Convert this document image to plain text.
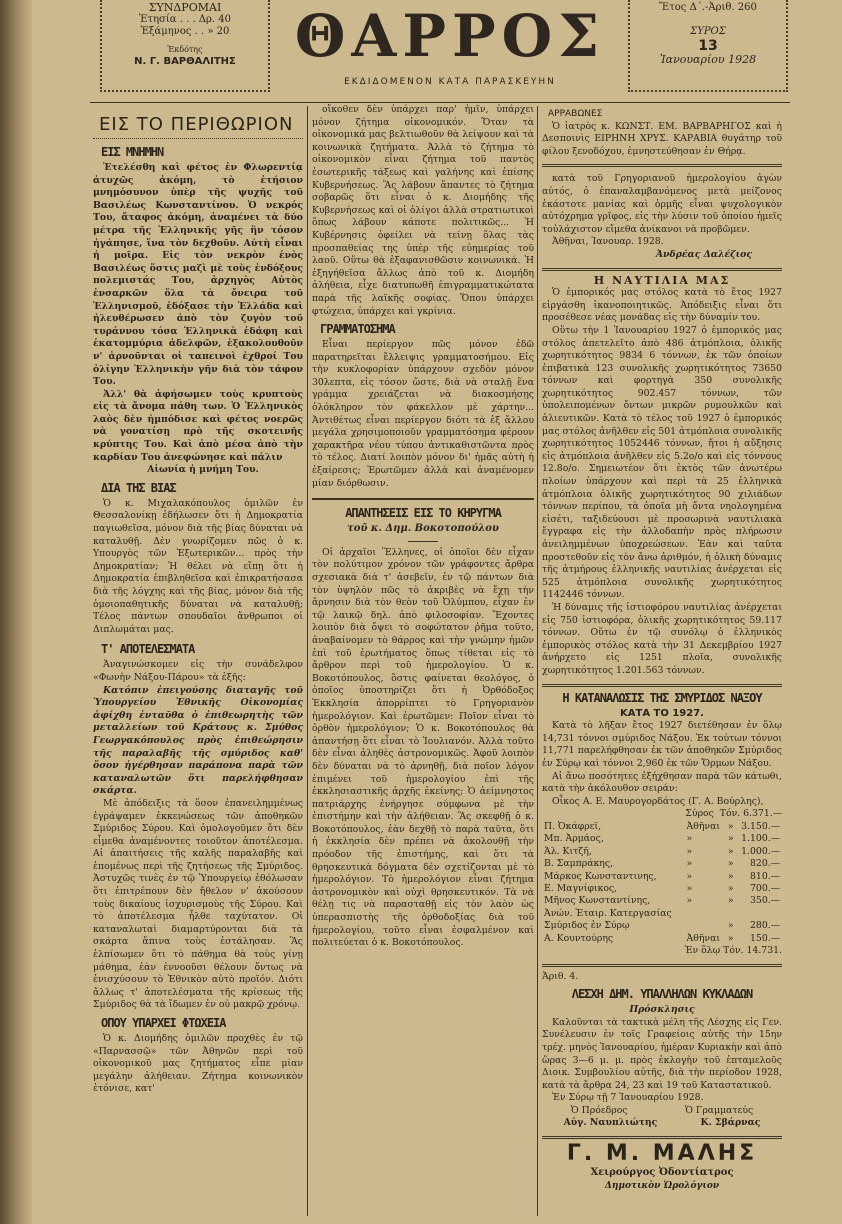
ΣΥΝΔΡΟΜΑΙ
Ἐτησία . . . Δρ. 40
Ἑξάμηνος . . » 20
Ἐκδότης
Ν. Γ. ΒΑΡΘΑΛΙΤΗΣ	ΘΑΡΡΟΣ
ΕΚΔΙΔΟΜΕΝΟΝ ΚΑΤΑ ΠΑΡΑΣΚΕΥΗΝ
Ἔτος Δ΄.-Ἀριθ. 260
ΣΥΡΟΣ
13
Ἰανουαρίου 1928
ΕΙΣ ΤΟ ΠΕΡΙΘΩΡΙΟΝ
ΕΙΣ ΜΝΗΜΗΝ

Ἐτελέσθη καὶ φέτος ἐν Φλωρεντίᾳ ἀτυχῶς ἀκόμη, τὸ ἐτήσιον μνημόσυνον ὑπὲρ τῆς ψυχῆς τοῦ Βασιλέως Κωνσταντίνου. Ὁ νεκρός Του, ἄταφος ἀκόμη, ἀναμένει τὰ δύο μέτρα τῆς Ἑλληνικῆς γῆς ἣν τόσον ἠγάπησε, ἵνα τὸν δεχθοῦν. Αὐτὴ εἶναι ἡ μοῖρα. Εἰς τὸν νεκρὸν ἑνὸς Βασιλέως ὅστις μαζὶ μὲ τοὺς ἐνδόξους πολεμιστάς Του, ἀρχηγὸς Αὐτὸς ἐνσαρκῶν ὅλα τὰ ὄνειρα τοῦ Ἑλληνισμοῦ, ἐδόξασε τὴν Ἑλλάδα καὶ ἠλευθέρωσεν ἀπὸ τὸν ζυγὸν τοῦ τυράννου τόσα Ἑλληνικὰ ἐδάφη καὶ ἑκατομμύρια ἀδελφῶν, ἐξακολουθοῦν ν' ἀρνοῦνται οἱ ταπεινοὶ ἐχθροί Του ὀλίγην Ἑλληνικὴν γῆν διὰ τὸν τάφον Του.

Ἀλλ' θὰ ἀφήσωμεν τοὺς κρυπτοὺς εἰς τὰ ἄνομα πάθη των. Ὁ Ἑλληνικὸς λαὸς δὲν ἠμπόδισε καὶ φέτος νοερῶς νὰ γονατίσῃ πρὸ τῆς σκοτεινῆς κρύπτης Του. Καὶ ἀπὸ μέσα ἀπὸ τὴν καρδίαν Του ἀνεφώνησε καὶ πάλιν

Αἰωνία ἡ μνήμη Του.

ΔΙΑ ΤΗΣ ΒΙΑΣ

Ὁ κ. Μιχαλακόπουλος ὁμιλῶν ἐν Θεσσαλονίκῃ ἐδήλωσεν ὅτι ἡ Δημοκρατία παγιωθεῖσα, μόνον διὰ τῆς βίας δύναται νὰ καταλυθῇ. Δὲν γνωρίζομεν πῶς ὁ κ. Υπουργὸς τῶν Ἐξωτερικῶν... πρὸς τὴν Δημοκρατίαν; Ἡ θέλει νὰ εἴπῃ ὅτι ἡ Δημοκρατία ἐπιβληθεῖσα καὶ ἐπικρατήσασα διὰ τῆς λόγχης καὶ τῆς βίας, μόνον διὰ τῆς ὁμοιοπαθητικῆς δύναται νὰ καταλυθῇ; Τέλος πάντων σπουδαῖοι ἄνθρωποι οἱ Διπλωμάται μας.

Τ' ΑΠΟΤΕΛΕΣΜΑΤΑ

Ἀναγινώσκομεν εἰς τὴν συνάδελφον «Φωνὴν Νάξου-Πάρου» τὰ ἑξῆς:

Κατόπιν ἐπειγούσης διαταγῆς τοῦ Ὑπουργείου Ἐθνικῆς Οἰκονομίας ἀφίχθη ἐνταῦθα ὁ ἐπιθεωρητὴς τῶν μεταλλείων τοῦ Κράτους κ. Σμύθος Γεωργακόπουλος πρὸς ἐπιθεώρησιν τῆς παραλαβῆς τῆς σμύριδος καθ' ὅσον ἠγέρθησαν παράπονα παρὰ τῶν καταναλωτῶν ὅτι παρελήφθησαν σκάρτα.

Μὲ ἀπόδειξις τὰ ὅσον ἐπανειλημμένως ἐγράψαμεν ἐκκενώσεως τῶν ἀποθηκῶν Σμύριδος Σύρου. Καὶ ὁμολογοῦμεν ὅτι δὲν εἶμεθα ἀναμένοντες τοιοῦτον ἀποτέλεσμα. Αἱ ἀπαιτήσεις τῆς καλῆς παραλαβῆς καὶ ἐπομένως περὶ τῆς ζητήσεως τῆς Σμύριδος. Ἀστυχῶς τινὲς ἐν τῷ Ὑπουργείῳ ἐθόλωσαν ὅτι ἐπιτρέπουν δὲν ἤθελον ν' ἀκούσουν τοὺς δικαίους ἰσχυρισμοὺς τῆς Σύρου. Καὶ τὸ ἀποτέλεσμα ἦλθε ταχύτατον. Οἱ καταναλωταὶ διαμαρτύρονται διὰ τὰ σκάρτα ἅπινα τοὺς ἐστάλησαν. Ἂς ἐλπίσωμεν ὅτι τὸ πάθημα θὰ τοὺς γίνῃ μάθημα, ἐὰν ἐννοοῦσι θέλουν ὄντως νὰ ἐνισχύσουν τὸ Ἐθνικὸν αὐτὸ προϊόν. Διότι ἄλλως τ' ἀποτελέσματα τῆς κρίσεως τῆς Σμύριδος θὰ τὰ ἴδωμεν ἐν οὐ μακρῷ χρόνῳ.

ΟΠΟΥ ΥΠΑΡΧΕΙ ΦΤΩΧΕΙΑ

Ὁ κ. Διομήδης ὁμιλῶν προχθὲς ἐν τῷ «Παρνασσῷ» τῶν Ἀθηνῶν περὶ τοῦ οἰκονομικοῦ μας ζητήματος εἶπε μίαν μεγάλην ἀλήθειαν. Ζήτημα κοινωνικὸν ἐτόνισε, κατ'

οἴκοθεν δὲν ὑπάρχει παρ' ἡμῖν, ὑπάρχει μόνον ζήτημα οἰκονομικόν. Ὅταν τὰ οἰκονομικά μας βελτιωθοῦν θὰ λείψουν καὶ τὰ κοινωνικὰ ζητήματα. Ἀλλὰ τὸ ζήτημα τὸ οἰκονομικὸν εἶναι ζήτημα τοῦ παντὸς ἐσωτερικῆς τάξεως καὶ γαλήνης καὶ ἐπίσης Κυβερνήσεως. Ἂς λάβουν ἅπαντες τὸ ζήτημα σοβαρῶς ὅτι εἶναι ὁ κ. Διομήδης τῆς Κυβερνήσεως καὶ οἱ ὀλίγοι ἀλλὰ στρατιωτικοὶ ὅπως λάβουν κάποτε πολιτικῶς... Ἡ Κυβέρνησις ὀφείλει νὰ τείνῃ ὅλας τὰς προσπαθείας της ὑπὲρ τῆς εὐημερίας τοῦ λαοῦ. Οὕτω θὰ ἐξαφανισθῶσιν κοινωνικά. Ἡ ἐξηγήθεῖσα ἄλλως ἀπὸ τοῦ κ. Διομήδη ἀλήθεια, εἶχε διατυπωθῆ ἐπιγραμματικώτατα παρὰ τῆς λαϊκῆς σοφίας. Ὅπου ὑπάρχει φτώχεια, ὑπάρχει καὶ γκρίνια.

ΓΡΑΜΜΑΤΟΣΗΜΑ

Εἶναι περίεργον πῶς μόνον ἐδῶ παρατηρεῖται ἔλλειψις γραμματοσήμου. Εἰς τὴν κυκλοφορίαν ὑπάρχουν σχεδὸν μόνον 30λεπτα, εἰς τόσον ὥστε, διὰ νὰ σταλῇ ἕνα γράμμα χρειάζεται νὰ διακοσμήσῃς ὁλόκληρον τὸν φάκελλον μὲ χάρτην... Ἀντιθέτως εἶναι περίεργον διότι τὰ ἐξ ἄλλου μεγάλα χρησιμοποιοῦν γραμματόσημα φέρουν χαρακτῆρα νέου τύπου ἀντικαθιστῶντα πρὸς τὸ τέλος. Διατί λοιπὸν μόνον δι' ἡμᾶς αὐτὴ ἡ ἐξαίρεσις; Ἐρωτῶμεν ἀλλὰ καὶ ἀναμένομεν μίαν διόρθωσιν.

ΑΠΑΝΤΗΣΕΙΣ ΕΙΣ ΤΟ ΚΗΡΥΓΜΑ
τοῦ κ. Δημ. Βοκοτοπούλου

Οἱ ἀρχαῖοι Ἕλληνες, οἱ ὁποῖοι δὲν εἶχαν τὸν πολύτιμον χρόνον τῶν γράφοντες ἄρθρα σχεσιακὰ διὰ τ' ἀσεβεῖν, ἐν τῷ πάντων διὰ τὸν ὑψηλὸν πῶς τὸ ἀκριβὲς νὰ ἔχῃ τὴν ἄρνησιν διὰ τὸν θεὸν τοῦ Ὀλύμπου, εἶχαν ἐν τῷ λαικῷ δηλ. ἀπὸ φιλοσοφίαν. Ἔχοντες λοιπὸν διὰ ὄψει τὸ σοφώτατον ῥῆμα τοῦτο, ἀναβαίνομεν τὸ θάρρος καὶ τὴν γνώμην ἡμῶν ἐπὶ τοῦ ἐρωτήματος ὅπως τίθεται εἰς τὸ ἄρθρον περὶ τοῦ ἡμερολογίου. Ὁ κ. Βοκοτόπουλος, ὅστις φαίνεται θεολόγος, ὁ ὁποῖος ὑποστηρίζει ὅτι ἡ Ὀρθόδοξος Ἐκκλησία ἀπορρίπτει τὸ Γρηγοριανὸν ἡμερολόγιον. Καὶ ἐρωτῶμεν: Ποῖον εἶναι τὸ ὀρθὸν ἡμερολόγιον; Ὁ κ. Βοκοτόπουλος θὰ ἀπαντήσῃ ὅτι εἶναι τὸ Ἰουλιανόν. Ἀλλὰ τοῦτο δὲν εἶναι ἀληθὲς ἀστρονομικῶς. Ἀφοῦ λοιπὸν δὲν δύναται νὰ τὸ ἀρνηθῇ, διὰ ποῖον λόγον ἐπιμένει τοῦ ἡμερολογίου ἐπὶ τῆς ἐκκλησιαστικῆς ἀρχῆς ἐκείνης; Ὁ ἀείμνηστος πατριάρχης ἐνήργησε σύμφωνα μὲ τὴν ἐπιστήμην καὶ τὴν ἀλήθειαν. Ἂς σκεφθῇ ὁ κ. Βοκοτόπουλος, ἐὰν δεχθῇ τὸ παρὰ ταῦτα, ὅτι ἡ ἐκκλησία δὲν πρέπει νὰ ἀκολουθῇ τὴν πρόοδον τῆς ἐπιστήμης, καὶ ὅτι τὰ θρησκευτικὰ δόγματα δὲν σχετίζονται μὲ τὸ ἡμερολόγιον. Τὸ ἡμερολόγιον εἶναι ζήτημα ἀστρονομικὸν καὶ οὐχὶ θρησκευτικόν. Τὰ νὰ θέλῃ τις νὰ παρασταθῇ εἰς τὸν λαὸν ὡς ὑπερασπιστὴς τῆς ὀρθοδοξίας διὰ τοῦ ἡμερολογίου, τοῦτο εἶναι ἐσφαλμένον καὶ πολιτεύεται ὁ κ. Βοκοτόπουλος.

ΑΡΡΑΒΩΝΕΣ

Ὁ ἰατρὸς κ. ΚΩΝΣΤ. ΕΜ. ΒΑΡΒΑΡΗΓΟΣ καὶ ἡ Δεσποινὶς ΕΙΡΗΝΗ ΧΡΥΣ. ΚΑΡΑΒΙΑ θυγάτηρ τοῦ φίλου ξενοδόχου, ἐμνηστεύθησαν ἐν Θήρᾳ.

κατὰ τοῦ Γρηγοριανοῦ ἡμερολογίου ἀγὼν αὐτός, ὁ ἐπαναλαμβανόμενος μετὰ μείζονος ἐκάστοτε μανίας καὶ ὁρμῆς εἶναι ψυχολογικὸν αὐτόχρημα γρῖφος, εἰς τὴν λύσιν τοῦ ὁποίου ἡμεῖς τοὐλάχιστον εἴμεθα ἀνίκανοι νὰ προβῶμεν.

Ἀθῆναι, Ἰανουαρ. 1928.

Ἀνδρέας Δαλέζιος
Η ΝΑΥΤΙΛΙΑ ΜΑΣ

Ὁ ἐμπορικός μας στόλος κατὰ τὸ ἔτος 1927 εἰργάσθη ἱκανοποιητικῶς. Ἀπόδειξις εἶναι ὅτι προσέθεσε νέας μονάδας εἰς τὴν δύναμίν του.

Οὕτω τὴν 1 Ἰανουαρίου 1927 ὁ ἐμπορικός μας στόλος ἀπετελεῖτο ἀπὸ 486 ἀτμόπλοια, ὁλικῆς χωρητικότητος 9834 6 τόννων, ἐκ τῶν ὁποίων ἐπιβατικὰ 123 συνολικῆς χωρητικότητος 73650 τόννων καὶ φορτηγὰ 350 συνολικῆς χωρητικότητος 902.457 τόννων, τῶν ὑπολειπομένων ὄντων μικρῶν ρυμουλκῶν καὶ ἁλιευτικῶν. Κατὰ τὸ τέλος τοῦ 1927 ὁ ἐμπορικός μας στόλος ἀνῆλθεν εἰς 501 ἀτμόπλοια συνολικῆς χωρητικότητος 1052446 τόννων, ἤτοι ἡ αὔξησις εἰς ἀτμόπλοια ἀνῆλθεν εἰς 5.2ο/ο καὶ εἰς τόννους 12.8ο/ο. Σημειωτέον ὅτι ἐκτὸς τῶν ἀνωτέρω πλοίων ὑπάρχουν καὶ περὶ τὰ 25 ἑλληνικὰ ἀτμόπλοια ὁλικῆς χωρητικότητος 90 χιλιάδων τόννων περίπου, τὰ ὁποῖα μὴ ὄντα νηολογημένα εἰσέτι, ταξιδεύουσι μὲ προσωρινὰ ναυτιλιακὰ ἔγγραφα εἰς τὴν ἀλλοδαπὴν πρὸς πλήρωσιν ἀνειλημμένων ὑποχρεώσεων. Ἐὰν καὶ ταῦτα προστεθοῦν εἰς τὸν ἄνω ἀριθμόν, ἡ ὁλικὴ δύναμις τῆς ἀτμήρους ἑλληνικῆς ναυτιλίας ἀνέρχεται εἰς 525 ἀτμόπλοια συνολικῆς χωρητικότητος 1142446 τόννων.

Ἡ δύναμις τῆς ἱστιοφόρου ναυτιλίας ἀνέρχεται εἰς 750 ἱστιοφόρα, ὁλικῆς χωρητικότητος 59.117 τόννων. Οὕτω ἐν τῷ συνόλῳ ὁ ἑλληνικὸς ἐμπορικὸς στόλος κατὰ τὴν 31 Δεκεμβρίου 1927 ἀνήρχετο εἰς 1251 πλοῖα, συνολικῆς χωρητικότητος 1.201.563 τόννων.

Η ΚΑΤΑΝΑΛΩΣΙΣ ΤΗΣ ΣΜΥΡΙΔΟΣ ΝΑΞΟΥ
ΚΑΤΑ ΤΟ 1927.

Κατὰ τὸ λῆξαν ἔτος 1927 διετέθησαν ἐν ὅλῳ 14,731 τόννοι σμύριδος Νάξου. Ἐκ τούτων τόννοι 11,771 παρελήφθησαν ἐκ τῶν ἀποθηκῶν Σμύριδος ἐν Σύρῳ καὶ τόννοι 2,960 ἐκ τῶν Ὄρμων Νάξου.

Αἱ ἄνω ποσότητες ἐξήχθησαν παρὰ τῶν κάτωθι, κατὰ τὴν ἀκόλουθον σειράν:

Οἶκος Α. Ε. Μαυρογορδάτος (Γ. Α. Βούρλης),
Σύρος Τόν. 6.371.—
Π. Ὀκάφρεϊ,	Ἀθῆναι	»	3.150.—
Μπ. Ἀρμάος,	»	»	1.100.—
Ἀλ. Κιτζῆ,	»	»	1.000.—
Β. Σαμπράκης,	»	»	820.—
Μάρκος Κωνσταντινης,	»	»	810.—
Ε. Μαγνίφικος,	»	»	700.—
Μῆνος Κωνσταντίνης,	»	»	350.—
Ἀνών. Ἑταιρ. Κατεργασίας			
Σμύριδος ἐν Σύρῳ		»	280.—
Α. Κουντούρης	Ἀθῆναι	»	150.—
Ἐν ὅλῳ Τόν. 14.731.
Ἀριθ. 4.
ΛΕΣΧΗ ΔΗΜ. ΥΠΑΛΛΗΛΩΝ ΚΥΚΛΑΔΩΝ
Πρόσκλησις

Καλοῦνται τὰ τακτικὰ μέλη τῆς Λέσχης εἰς Γεν. Συνέλευσιν ἐν τοῖς Γραφείοις αὐτῆς τὴν 15ην τρέχ. μηνὸς Ἰανουαρίου, ἡμέραν Κυριακὴν καὶ ἀπὸ ὥρας 3—6 μ. μ. πρὸς ἐκλογὴν τοῦ ἐπταμελοῦς Διοικ. Συμβουλίου αὐτῆς, διὰ τὴν περίοδον 1928, κατὰ τὰ ἄρθρα 24, 23 καὶ 19 τοῦ Καταστατικοῦ.

Ἐν Σύρῳ τῇ 7 Ἰανουαρίου 1928.

Ὁ Πρόεδρος	Ὁ Γραμματεύς
Αὐγ. Ναυπλιώτης	Κ. Σβάρνας
Γ. Μ. ΜΑΛΗΣ
Χειρούργος Ὀδοντίατρος
Δημοτικὸν Ὡρολόγιον
